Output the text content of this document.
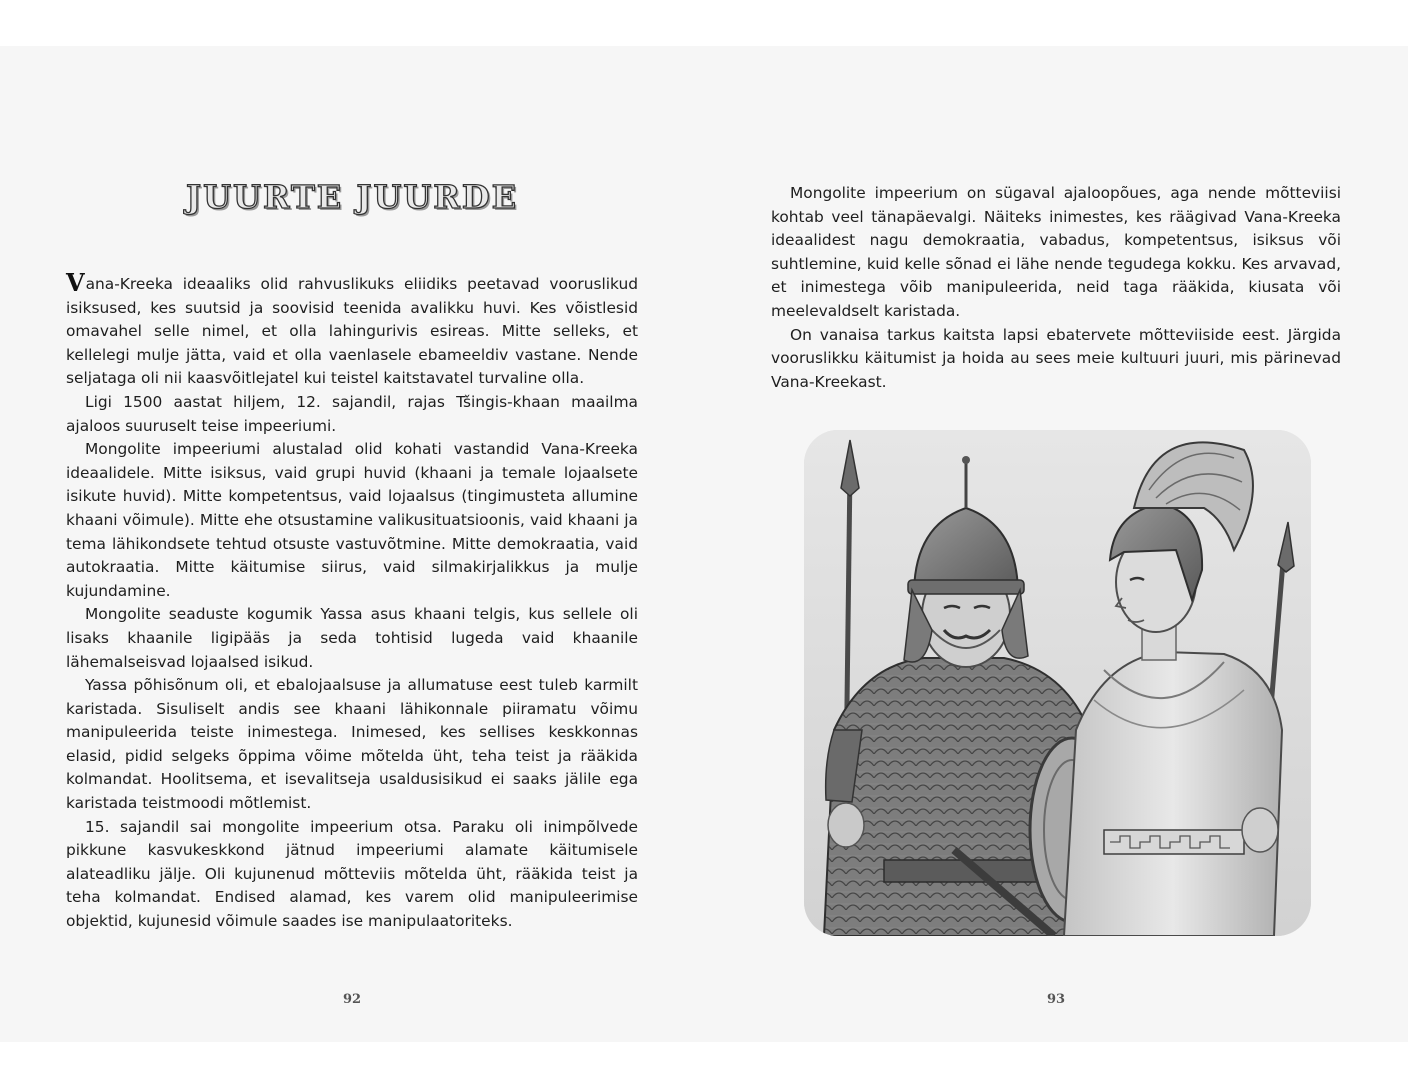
JUURTE JUURDE

Vana-Kreeka ideaaliks olid rahvuslikuks eliidiks peetavad vooruslikud isiksused, kes suutsid ja soovisid teenida avalikku huvi. Kes võistlesid omavahel selle nimel, et olla lahingurivis esireas. Mitte selleks, et kellelegi mulje jätta, vaid et olla vaenlasele ebameeldiv vastane. Nende seljataga oli nii kaasvõitlejatel kui teistel kaitstavatel turvaline olla.

Ligi 1500 aastat hiljem, 12. sajandil, rajas Tšingis-khaan maailma ajaloos suuruselt teise impeeriumi.

Mongolite impeeriumi alustalad olid kohati vastandid Vana-Kreeka ideaalidele. Mitte isiksus, vaid grupi huvid (khaani ja temale lojaalsete isikute huvid). Mitte kompetentsus, vaid lojaalsus (tingimusteta allumine khaani võimule). Mitte ehe otsustamine valikusituatsioonis, vaid khaani ja tema lähikondsete tehtud otsuste vastuvõtmine. Mitte demokraatia, vaid autokraatia. Mitte käitumise siirus, vaid silmakirjalikkus ja mulje kujundamine.

Mongolite seaduste kogumik Yassa asus khaani telgis, kus sellele oli lisaks khaanile ligipääs ja seda tohtisid lugeda vaid khaanile lähemalseisvad lojaalsed isikud.

Yassa põhisõnum oli, et ebalojaalsuse ja allumatuse eest tuleb karmilt karistada. Sisuliselt andis see khaani lähikonnale piiramatu võimu manipuleerida teiste inimestega. Inimesed, kes sellises keskkonnas elasid, pidid selgeks õppima võime mõtelda üht, teha teist ja rääkida kolmandat. Hoolitsema, et isevalitseja usaldusisikud ei saaks jälile ega karistada teistmoodi mõtlemist.

15. sajandil sai mongolite impeerium otsa. Paraku oli inimpõlvede pikkune kasvukeskkond jätnud impeeriumi alamate käitumisele alateadliku jälje. Oli kujunenud mõtteviis mõtelda üht, rääkida teist ja teha kolmandat. Endised alamad, kes varem olid manipuleerimise objektid, kujunesid võimule saades ise manipulaatoriteks.

92

Mongolite impeerium on sügaval ajaloopõues, aga nende mõtteviisi kohtab veel tänapäevalgi. Näiteks inimestes, kes räägivad Vana-Kreeka ideaalidest nagu demokraatia, vabadus, kompetentsus, isiksus või suhtlemine, kuid kelle sõnad ei lähe nende tegudega kokku. Kes arvavad, et inimestega võib manipuleerida, neid taga rääkida, kiusata või meelevaldselt karistada.

On vanaisa tarkus kaitsta lapsi ebatervete mõtteviiside eest. Järgida vooruslikku käitumist ja hoida au sees meie kultuuri juuri, mis pärinevad Vana-Kreekast.

93
